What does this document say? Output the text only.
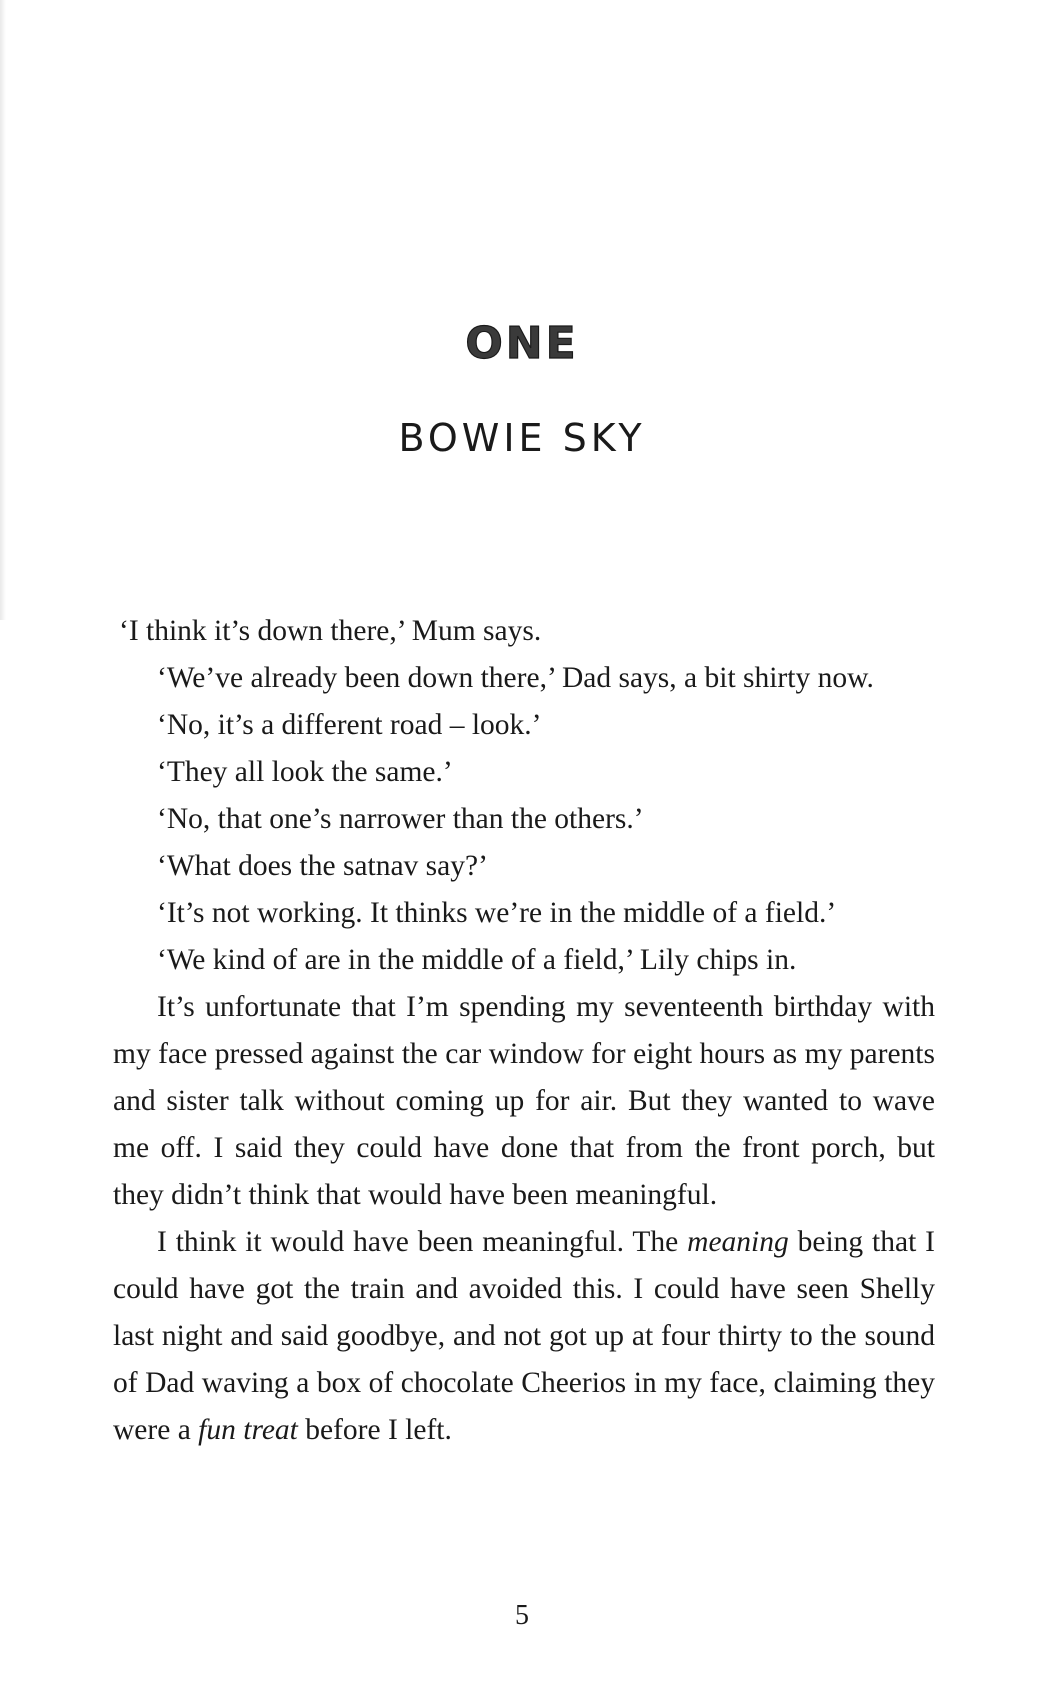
ONE
BOWIE SKY

‘I think it’s down there,’ Mum says.

‘We’ve already been down there,’ Dad says, a bit shirty now.

‘No, it’s a different road – look.’

‘They all look the same.’

‘No, that one’s narrower than the others.’

‘What does the satnav say?’

‘It’s not working. It thinks we’re in the middle of a field.’

‘We kind of are in the middle of a field,’ Lily chips in.

It’s unfortunate that I’m spending my seventeenth birthday with my face pressed against the car window for eight hours as my parents and sister talk without coming up for air. But they wanted to wave me off. I said they could have done that from the front porch, but they didn’t think that would have been meaningful.

I think it would have been meaningful. The meaning being that I could have got the train and avoided this. I could have seen Shelly last night and said goodbye, and not got up at four thirty to the sound of Dad waving a box of chocolate Cheerios in my face, claiming they were a fun treat before I left.

5
